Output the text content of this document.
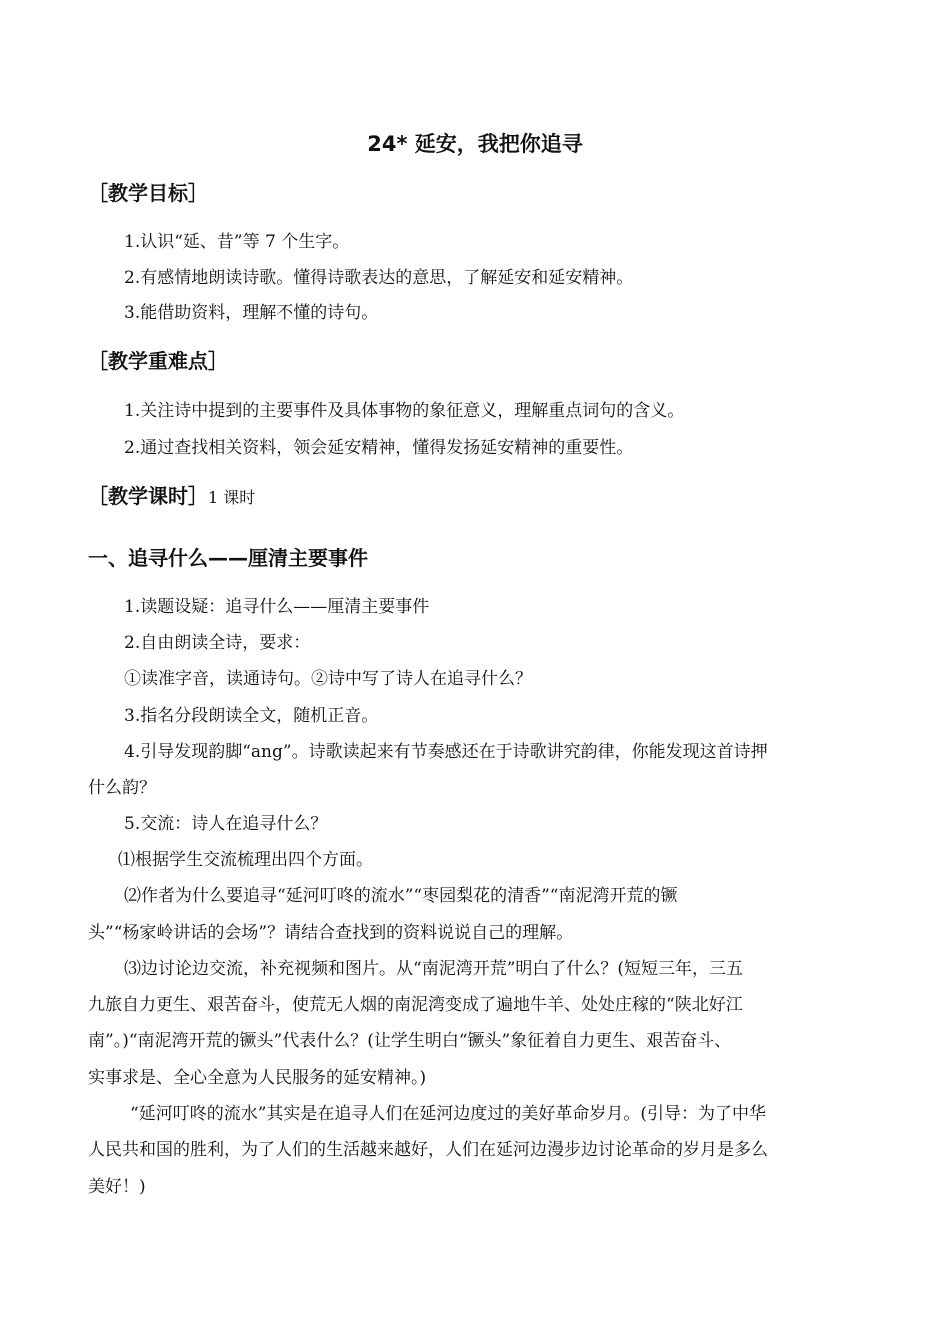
24* 延安，我把你追寻
［教学目标］
1.认识“延、昔”等 7 个生字。
2.有感情地朗读诗歌。懂得诗歌表达的意思，了解延安和延安精神。
3.能借助资料，理解不懂的诗句。
［教学重难点］
1.关注诗中提到的主要事件及具体事物的象征意义，理解重点词句的含义。
2.通过查找相关资料，领会延安精神，懂得发扬延安精神的重要性。
［教学课时］1 课时
一、追寻什么——厘清主要事件
1.读题设疑：追寻什么——厘清主要事件
2.自由朗读全诗，要求：
①读准字音，读通诗句。②诗中写了诗人在追寻什么？
3.指名分段朗读全文，随机正音。
4.引导发现韵脚“ang”。诗歌读起来有节奏感还在于诗歌讲究韵律，你能发现这首诗押
什么韵？
5.交流：诗人在追寻什么？
⑴根据学生交流梳理出四个方面。
⑵作者为什么要追寻“延河叮咚的流水”“枣园梨花的清香”“南泥湾开荒的镢
头”“杨家岭讲话的会场”？请结合查找到的资料说说自己的理解。
⑶边讨论边交流，补充视频和图片。从“南泥湾开荒”明白了什么？(短短三年，三五
九旅自力更生、艰苦奋斗，使荒无人烟的南泥湾变成了遍地牛羊、处处庄稼的“陕北好江
南”。)“南泥湾开荒的镢头”代表什么？(让学生明白“镢头”象征着自力更生、艰苦奋斗、
实事求是、全心全意为人民服务的延安精神。)
“延河叮咚的流水”其实是在追寻人们在延河边度过的美好革命岁月。(引导：为了中华
人民共和国的胜利，为了人们的生活越来越好，人们在延河边漫步边讨论革命的岁月是多么
美好！)
